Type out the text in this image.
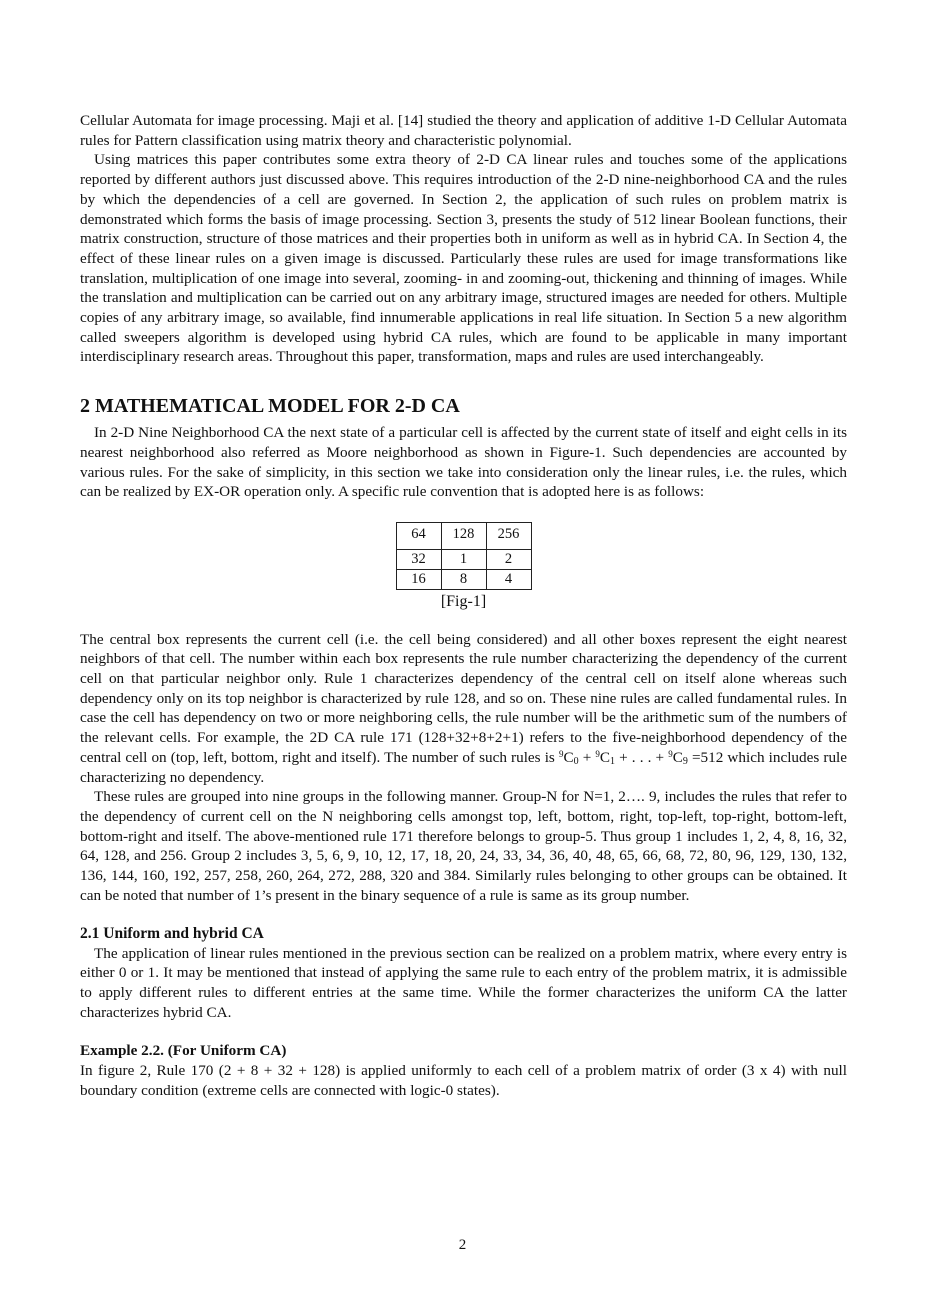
Cellular Automata for image processing. Maji et al. [14] studied the theory and application of additive 1-D Cellular Automata rules for Pattern classification using matrix theory and characteristic polynomial.

Using matrices this paper contributes some extra theory of 2-D CA linear rules and touches some of the applications reported by different authors just discussed above. This requires introduction of the 2-D nine-neighborhood CA and the rules by which the dependencies of a cell are governed. In Section 2, the application of such rules on problem matrix is demonstrated which forms the basis of image processing. Section 3, presents the study of 512 linear Boolean functions, their matrix construction, structure of those matrices and their properties both in uniform as well as in hybrid CA. In Section 4, the effect of these linear rules on a given image is discussed. Particularly these rules are used for image transformations like translation, multiplication of one image into several, zooming- in and zooming-out, thickening and thinning of images. While the translation and multiplication can be carried out on any arbitrary image, structured images are needed for others. Multiple copies of any arbitrary image, so available, find innumerable applications in real life situation. In Section 5 a new algorithm called sweepers algorithm is developed using hybrid CA rules, which are found to be applicable in many important interdisciplinary research areas. Throughout this paper, transformation, maps and rules are used interchangeably.

2 MATHEMATICAL MODEL FOR 2-D CA

In 2-D Nine Neighborhood CA the next state of a particular cell is affected by the current state of itself and eight cells in its nearest neighborhood also referred as Moore neighborhood as shown in Figure-1. Such dependencies are accounted by various rules. For the sake of simplicity, in this section we take into consideration only the linear rules, i.e. the rules, which can be realized by EX-OR operation only. A specific rule convention that is adopted here is as follows:

64	128	256
32	1	2
16	8	4
[Fig-1]

The central box represents the current cell (i.e. the cell being considered) and all other boxes represent the eight nearest neighbors of that cell. The number within each box represents the rule number characterizing the dependency of the current cell on that particular neighbor only. Rule 1 characterizes dependency of the central cell on itself alone whereas such dependency only on its top neighbor is characterized by rule 128, and so on. These nine rules are called fundamental rules. In case the cell has dependency on two or more neighboring cells, the rule number will be the arithmetic sum of the numbers of the relevant cells. For example, the 2D CA rule 171 (128+32+8+2+1) refers to the five-neighborhood dependency of the central cell on (top, left, bottom, right and itself). The number of such rules is $^9C_0 + ^9C_1$ + . . . + $^9C_9 =512$ which includes rule characterizing no dependency.

These rules are grouped into nine groups in the following manner. Group-N for N=1, 2…. 9, includes the rules that refer to the dependency of current cell on the N neighboring cells amongst top, left, bottom, right, top-left, top-right, bottom-left, bottom-right and itself. The above-mentioned rule 171 therefore belongs to group-5. Thus group 1 includes 1, 2, 4, 8, 16, 32, 64, 128, and 256. Group 2 includes 3, 5, 6, 9, 10, 12, 17, 18, 20, 24, 33, 34, 36, 40, 48, 65, 66, 68, 72, 80, 96, 129, 130, 132, 136, 144, 160, 192, 257, 258, 260, 264, 272, 288, 320 and 384. Similarly rules belonging to other groups can be obtained. It can be noted that number of 1’s present in the binary sequence of a rule is same as its group number.

2.1 Uniform and hybrid CA

The application of linear rules mentioned in the previous section can be realized on a problem matrix, where every entry is either 0 or 1. It may be mentioned that instead of applying the same rule to each entry of the problem matrix, it is admissible to apply different rules to different entries at the same time. While the former characterizes the uniform CA the latter characterizes hybrid CA.

Example 2.2. (For Uniform CA)

In figure 2, Rule 170 (2 + 8 + 32 + 128) is applied uniformly to each cell of a problem matrix of order (3 x 4) with null boundary condition (extreme cells are connected with logic-0 states).

2
